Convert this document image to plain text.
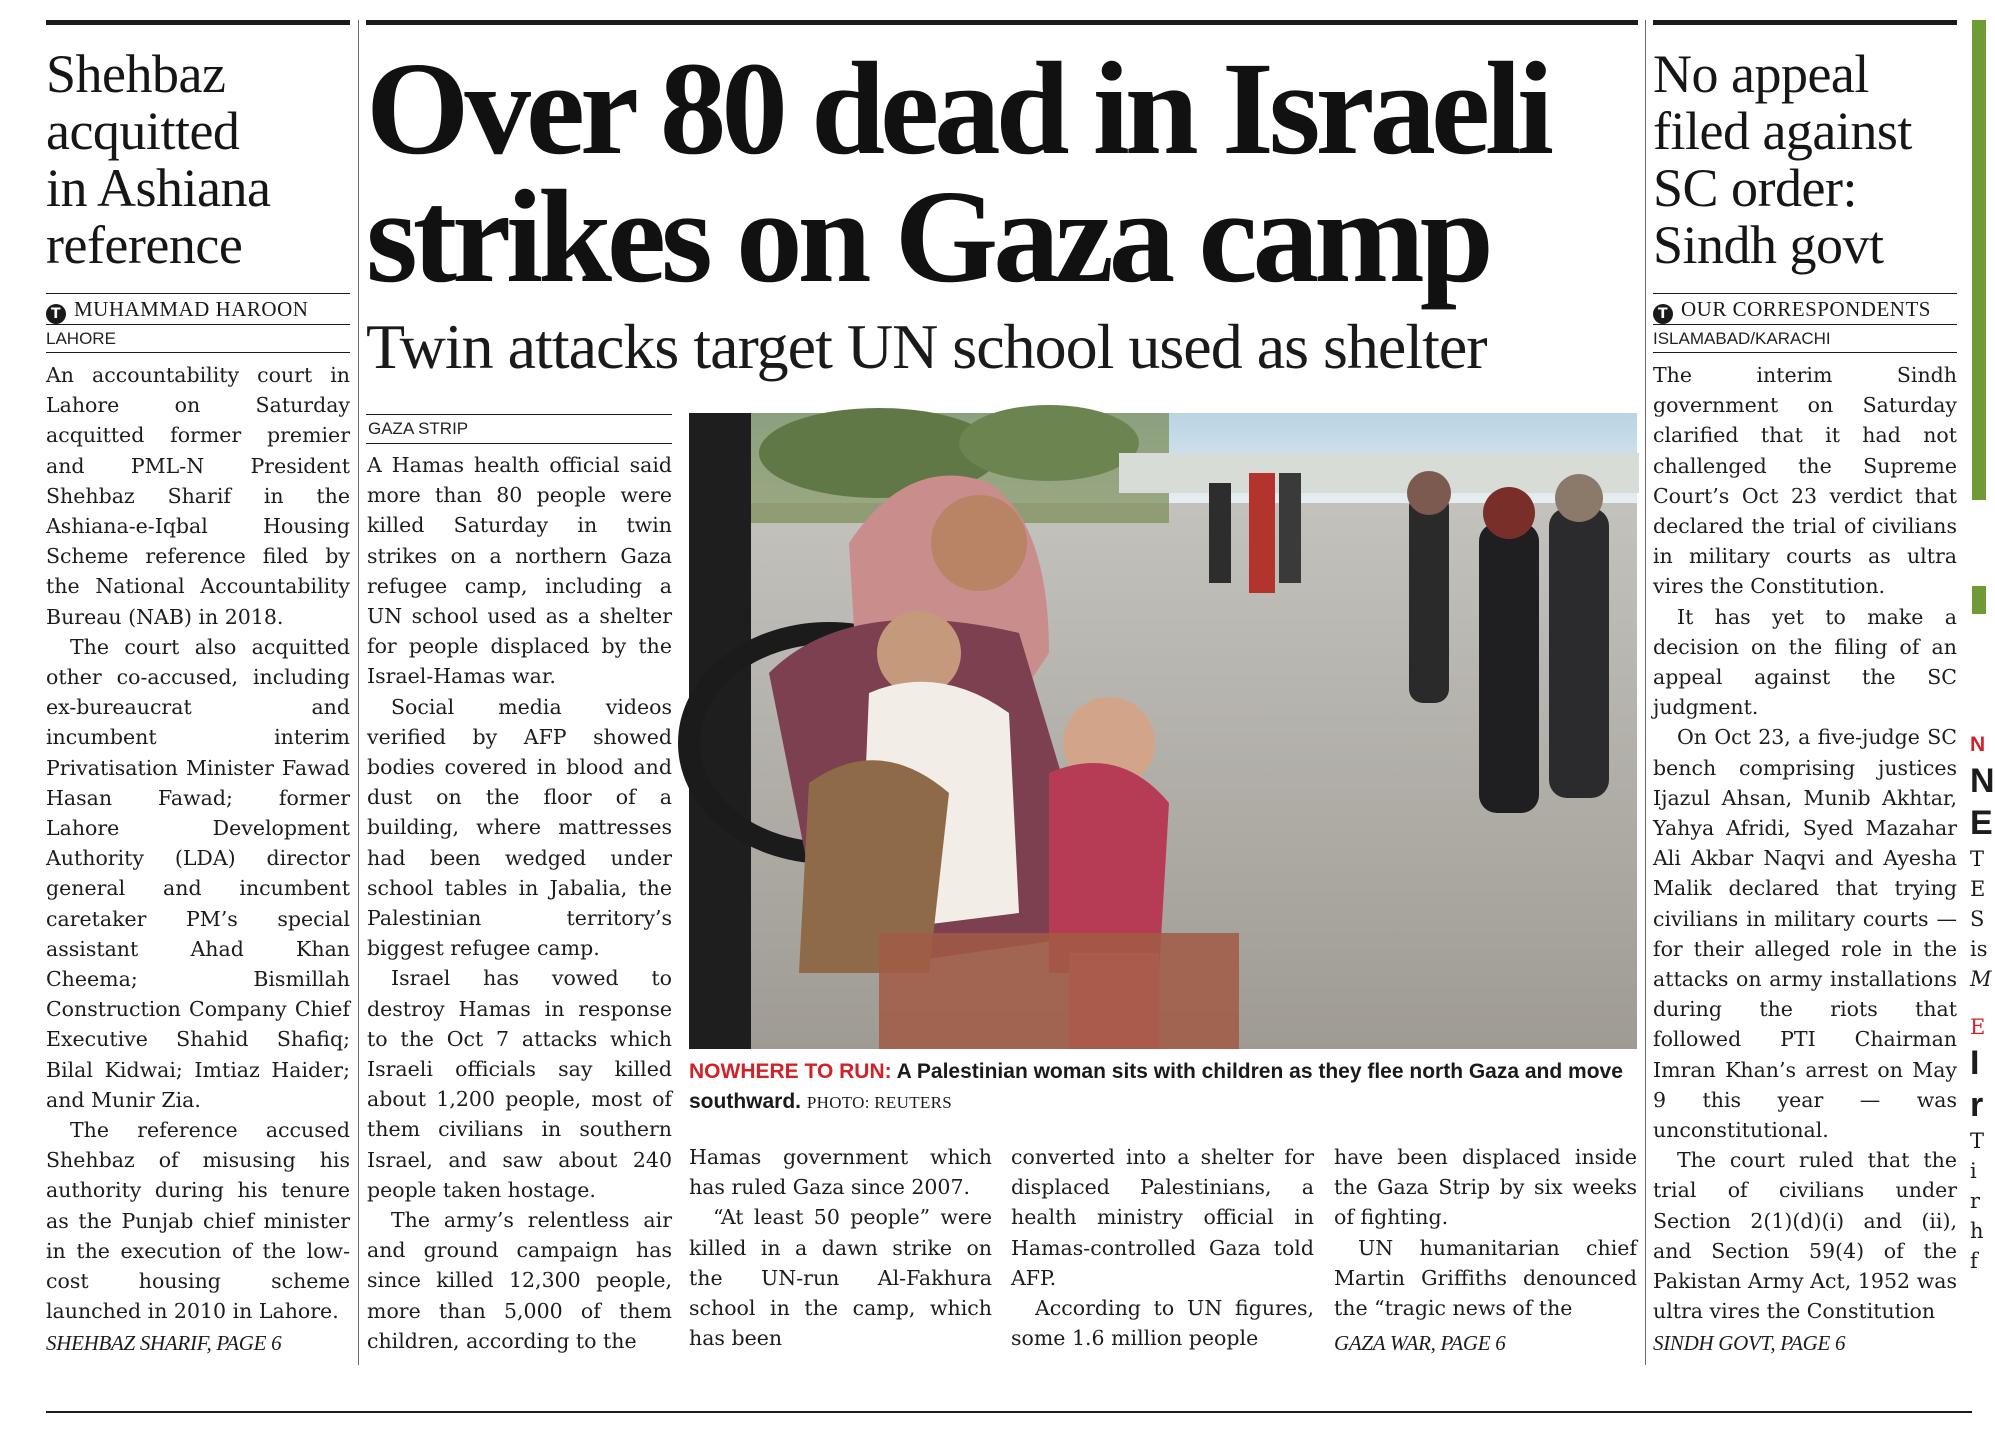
Shehbaz
acquitted
in Ashiana
reference
T MUHAMMAD HAROON
LAHORE

An accountability court in Lahore on Saturday acquitted former premier and PML-N President Shehbaz Sharif in the Ashiana-e-Iqbal Housing Scheme reference filed by the National Accountability Bureau (NAB) in 2018.

The court also acquitted other co-accused, including ex-bureaucrat and incumbent interim Privatisation Minister Fawad Hasan Fawad; former Lahore Development Authority (LDA) director general and incumbent caretaker PM’s special assistant Ahad Khan Cheema; Bismillah Construction Company Chief Executive Shahid Shafiq; Bilal Kidwai; Imtiaz Haider; and Munir Zia.

The reference accused Shehbaz of misusing his authority during his tenure as the Punjab chief minister in the execution of the low-cost housing scheme launched in 2010 in Lahore.

SHEHBAZ SHARIF, PAGE 6
Over 80 dead in Israeli
strikes on Gaza camp
Twin attacks target UN school used as shelter
GAZA STRIP

A Hamas health official said more than 80 people were killed Saturday in twin strikes on a northern Gaza refugee camp, including a UN school used as a shelter for people displaced by the Israel-Hamas war.

Social media videos verified by AFP showed bodies covered in blood and dust on the floor of a building, where mattresses had been wedged under school tables in Jabalia, the Palestinian territory’s biggest refugee camp.

Israel has vowed to destroy Hamas in response to the Oct 7 attacks which Israeli officials say killed about 1,200 people, most of them civilians in southern Israel, and saw about 240 people taken hostage.

The army’s relentless air and ground campaign has since killed 12,300 people, more than 5,000 of them children, according to the

NOWHERE TO RUN: A Palestinian woman sits with children as they flee north Gaza and move southward. PHOTO: REUTERS

Hamas government which has ruled Gaza since 2007.

“At least 50 people” were killed in a dawn strike on the UN-run Al-Fakhura school in the camp, which has been

converted into a shelter for displaced Palestinians, a health ministry official in Hamas-controlled Gaza told AFP.

According to UN figures, some 1.6 million people

have been displaced inside the Gaza Strip by six weeks of fighting.

UN humanitarian chief Martin Griffiths denounced the “tragic news of the

GAZA WAR, PAGE 6
No appeal
filed against
SC order:
Sindh govt
T OUR CORRESPONDENTS
ISLAMABAD/KARACHI

The interim Sindh government on Saturday clarified that it had not challenged the Supreme Court’s Oct 23 verdict that declared the trial of civilians in military courts as ultra vires the Constitution.

It has yet to make a decision on the filing of an appeal against the SC judgment.

On Oct 23, a five-judge SC bench comprising justices Ijazul Ahsan, Munib Akhtar, Yahya Afridi, Syed Mazahar Ali Akbar Naqvi and Ayesha Malik declared that trying civilians in military courts — for their alleged role in the attacks on army installations during the riots that followed PTI Chairman Imran Khan’s arrest on May 9 this year — was unconstitutional.

The court ruled that the trial of civilians under Section 2(1)(d)(i) and (ii), and Section 59(4) of the Pakistan Army Act, 1952 was ultra vires the Constitution

SINDH GOVT, PAGE 6
N
N
E
T
E
S
is
M
E
I
r
T
i
r
h
f
